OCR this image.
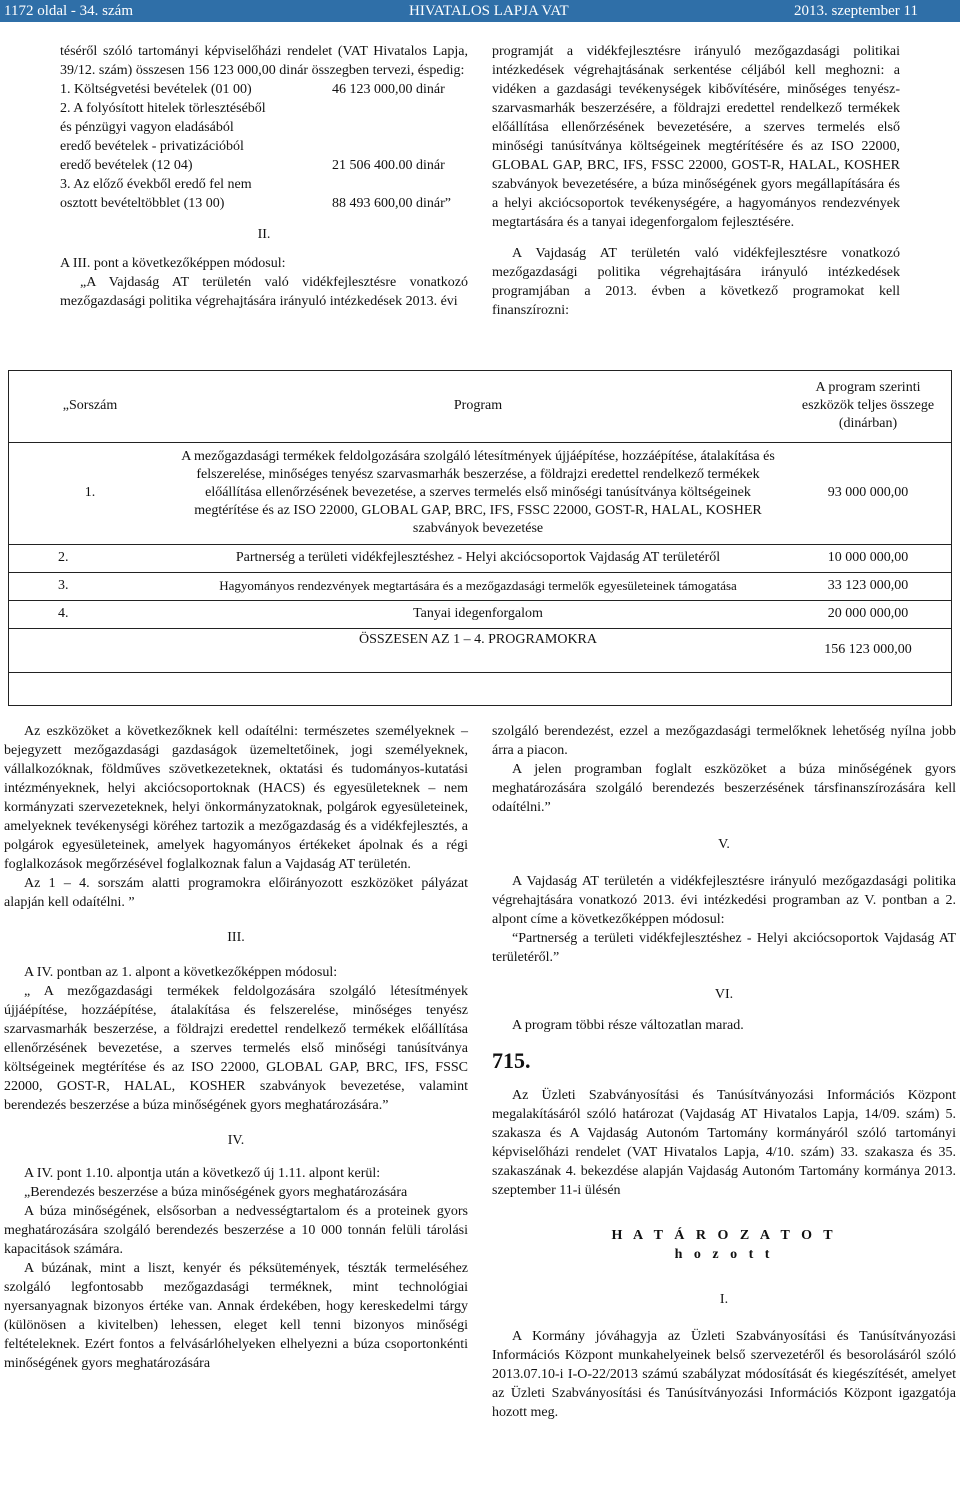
1172 oldal - 34. szám	HIVATALOS LAPJA VAT	2013. szeptember 11

téséről szóló tartományi képviselőházi rendelet (VAT Hivatalos Lapja, 39/12. szám) összesen 156 123 000,00 dinár összegben tervezi, éspedig:

1. Költségvetési bevételek (01 00)	46 123 000,00 dinár

2. A folyósított hitelek törlesztéséből

és pénzügyi vagyon eladásából

eredő bevételek - privatizációból

eredő bevételek (12 04)	21 506 400.00 dinár

3. Az előző évekből eredő fel nem

osztott bevételtöbblet (13 00)	88 493 600,00 dinár”

II.

A III. pont a következőképpen módosul:

„A Vajdaság AT területén való vidékfejlesztésre vonatkozó mezőgazdasági politika végrehajtására irányuló intézkedések 2013. évi

programját a vidékfejlesztésre irányuló mezőgazdasági politikai intézkedések végrehajtásának serkentése céljából kell meghozni: a vidéken a gazdasági tevékenységek kibővítésére, minőséges tenyész-szarvasmarhák beszerzésére, a földrajzi eredettel rendelkező termékek előállítása ellenőrzésének bevezetésére, a szerves termelés első minőségi tanúsítványa költségeinek megtérítésére és az ISO 22000, GLOBAL GAP, BRC, IFS, FSSC 22000, GOST-R, HALAL, KOSHER szabványok bevezetésére, a búza minőségének gyors megállapítására és a helyi akciócsoportok tevékenységére, a hagyományos rendezvények megtartására és a tanyai idegenforgalom fejlesztésére.

A Vajdaság AT területén való vidékfejlesztésre vonatkozó mezőgazdasági politika végrehajtására irányuló intézkedések programjában a 2013. évben a következő programokat kell finanszírozni:

„Sorszám	Program	A program szerinti eszközök teljes összege (dinárban)
1.	A mezőgazdasági termékek feldolgozására szolgáló létesítmények újjáépítése, hozzáépítése, átalakítása és felszerelése, minőséges tenyész szarvasmarhák beszerzése, a földrajzi eredettel rendelkező termékek előállítása ellenőrzésének bevezetése, a szerves termelés első minőségi tanúsítványa költségeinek megtérítése és az ISO 22000, GLOBAL GAP, BRC, IFS, FSSC 22000, GOST-R, HALAL, KOSHER szabványok bevezetése	93 000 000,00
2.	Partnerség a területi vidékfejlesztéshez - Helyi akciócsoportok Vajdaság AT területéről	10 000 000,00
3.	Hagyományos rendezvények megtartására és a mezőgazdasági termelők egyesületeinek támogatása	33 123 000,00
4.	Tanyai idegenforgalom	20 000 000,00
	ÖSSZESEN AZ 1 – 4. PROGRAMOKRA	156 123 000,00

Az eszközöket a következőknek kell odaítélni: természetes személyeknek – bejegyzett mezőgazdasági gazdaságok üzemeltetőinek, jogi személyeknek, vállalkozóknak, földműves szövetkezeteknek, oktatási és tudományos-kutatási intézményeknek, helyi akciócsoportoknak (HACS) és egyesületeknek – nem kormányzati szervezeteknek, helyi önkormányzatoknak, polgárok egyesületeinek, amelyeknek tevékenységi köréhez tartozik a mezőgazdaság és a vidékfejlesztés, a polgárok egyesületeinek, amelyek hagyományos értékeket ápolnak és a régi foglalkozások megőrzésével foglalkoznak falun a Vajdaság AT területén.

Az 1 – 4. sorszám alatti programokra előirányozott eszközöket pályázat alapján kell odaítélni. ”

III.

A IV. pontban az 1. alpont a következőképpen módosul:

„ A mezőgazdasági termékek feldolgozására szolgáló létesítmények újjáépítése, hozzáépítése, átalakítása és felszerelése, minőséges tenyész szarvasmarhák beszerzése, a földrajzi eredettel rendelkező termékek előállítása ellenőrzésének bevezetése, a szerves termelés első minőségi tanúsítványa költségeinek megtérítése és az ISO 22000, GLOBAL GAP, BRC, IFS, FSSC 22000, GOST-R, HALAL, KOSHER szabványok bevezetése, valamint berendezés beszerzése a búza minőségének gyors meghatározására.”

IV.

A IV. pont 1.10. alpontja után a következő új 1.11. alpont kerül:

„Berendezés beszerzése a búza minőségének gyors meghatározására

A búza minőségének, elsősorban a nedvességtartalom és a proteinek gyors meghatározására szolgáló berendezés beszerzése a 10 000 tonnán felüli tárolási kapacitások számára.

A búzának, mint a liszt, kenyér és péksütemények, tészták termeléséhez szolgáló legfontosabb mezőgazdasági terméknek, mint technológiai nyersanyagnak bizonyos értéke van. Annak érdekében, hogy kereskedelmi tárgy (különösen a kivitelben) lehessen, eleget kell tenni bizonyos minőségi feltételeknek. Ezért fontos a felvásárlóhelyeken elhelyezni a búza csoportonkénti minőségének gyors meghatározására

szolgáló berendezést, ezzel a mezőgazdasági termelőknek lehetőség nyílna jobb árra a piacon.

A jelen programban foglalt eszközöket a búza minőségének gyors meghatározására szolgáló berendezés beszerzésének társfinanszírozására kell odaítélni.”

V.

A Vajdaság AT területén a vidékfejlesztésre irányuló mezőgazdasági politika végrehajtására vonatkozó 2013. évi intézkedési programban az V. pontban a 2. alpont címe a következőképpen módosul:

“Partnerség a területi vidékfejlesztéshez - Helyi akciócsoportok Vajdaság AT területéről.”

VI.

A program többi része változatlan marad.

715.

Az Üzleti Szabványosítási és Tanúsítványozási Információs Központ megalakításáról szóló határozat (Vajdaság AT Hivatalos Lapja, 14/09. szám) 5. szakasza és A Vajdaság Autonóm Tartomány kormányáról szóló tartományi képviselőházi rendelet (VAT Hivatalos Lapja, 4/10. szám) 33. szakasza és 35. szakaszának 4. bekezdése alapján Vajdaság Autonóm Tartomány kormánya 2013. szeptember 11-i ülésén

H A T Á R O Z A T O T

h o z o t t

I.

A Kormány jóváhagyja az Üzleti Szabványosítási és Tanúsítványozási Információs Központ munkahelyeinek belső szervezetéről és besorolásáról szóló 2013.07.10-i I-O-22/2013 számú szabályzat módosítását és kiegészítését, amelyet az Üzleti Szabványosítási és Tanúsítványozási Információs Központ igazgatója hozott meg.
